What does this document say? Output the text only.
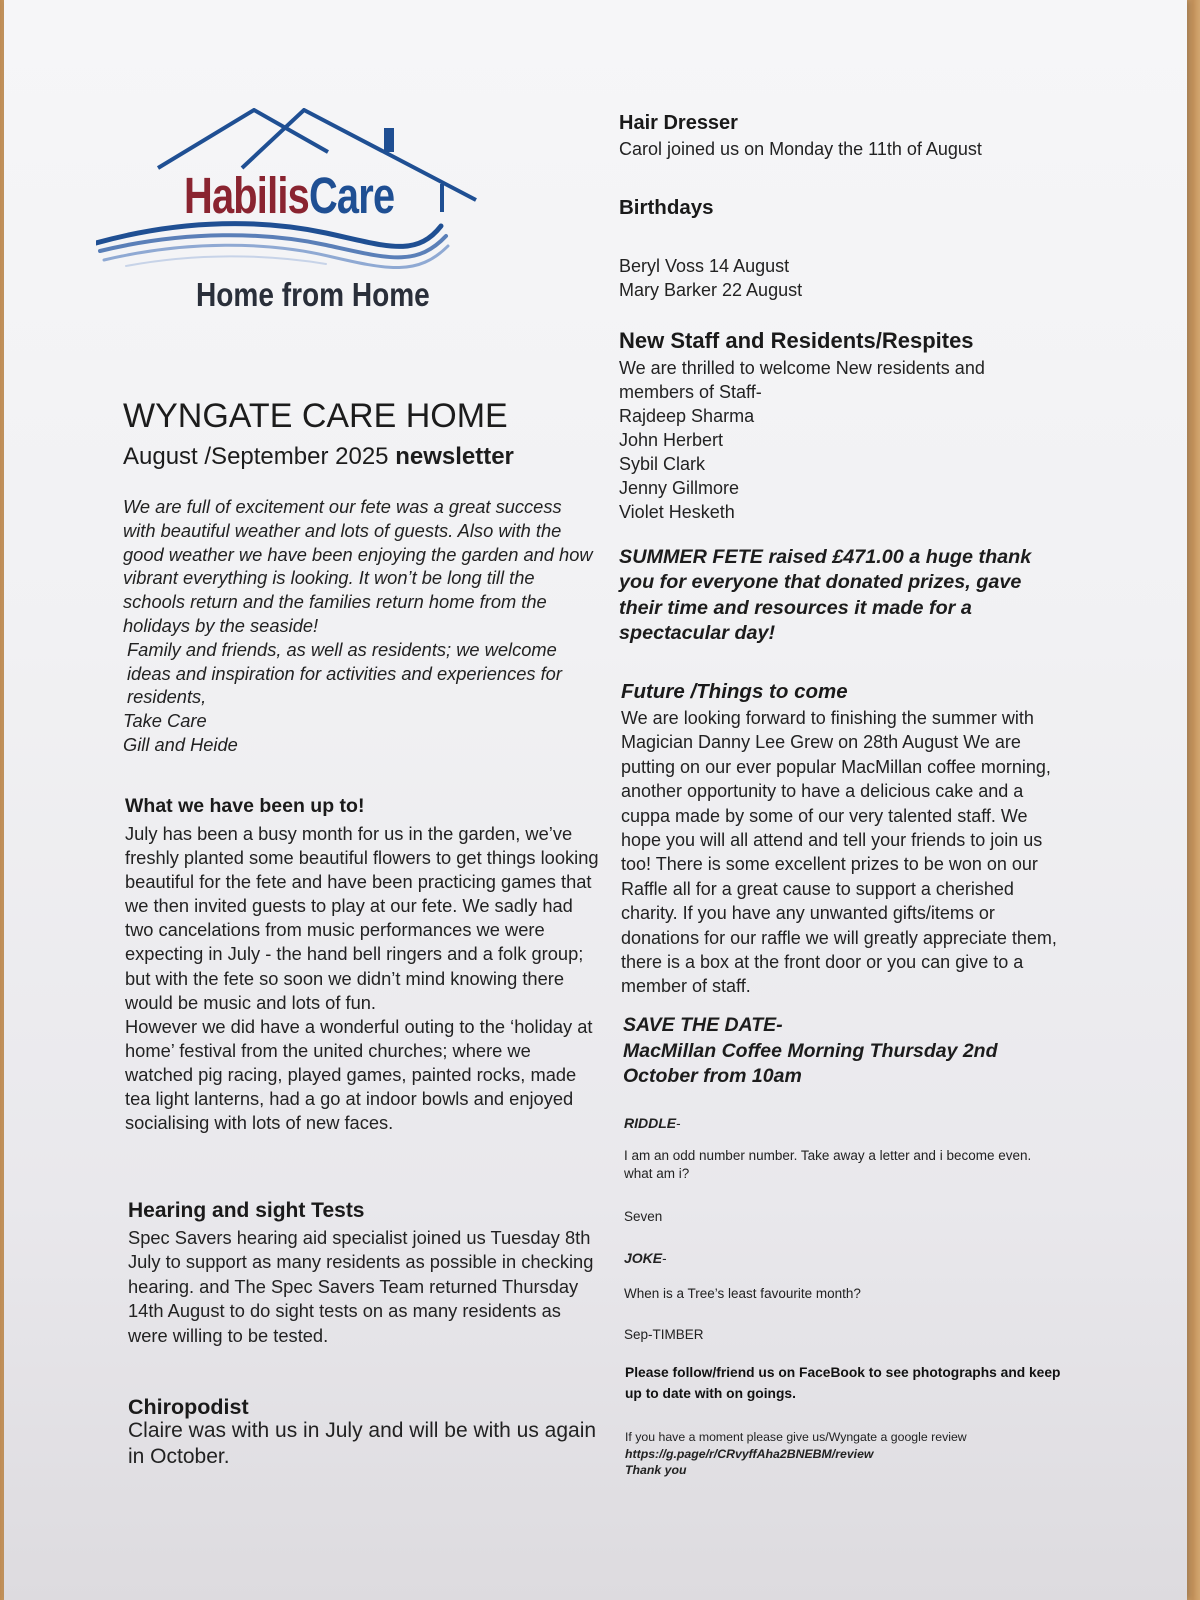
HabilisCare
Home from Home
WYNGATE CARE HOME
August /September 2025 newsletter

We are full of excitement our fete was a great success with beautiful weather and lots of guests. Also with the good weather we have been enjoying the garden and how vibrant everything is looking. It won’t be long till the schools return and the families return home from the holidays by the seaside!

Family and friends, as well as residents; we welcome ideas and inspiration for activities and experiences for residents,

Take Care

Gill and Heide

What we have been up to!

July has been a busy month for us in the garden, we’ve freshly planted some beautiful flowers to get things looking beautiful for the fete and have been practicing games that we then invited guests to play at our fete. We sadly had two cancelations from music performances we were expecting in July - the hand bell ringers and a folk group; but with the fete so soon we didn’t mind knowing there would be music and lots of fun.

However we did have a wonderful outing to the ‘holiday at home’ festival from the united churches; where we watched pig racing, played games, painted rocks, made tea light lanterns, had a go at indoor bowls and enjoyed socialising with lots of new faces.

Hearing and sight Tests
Spec Savers hearing aid specialist joined us Tuesday 8th July to support as many residents as possible in checking hearing. and The Spec Savers Team returned Thursday 14th August to do sight tests on as many residents as were willing to be tested.
Chiropodist
Claire was with us in July and will be with us again in October.
Hair Dresser
Carol joined us on Monday the 11th of August
Birthdays
Beryl Voss 14 August
Mary Barker 22 August
New Staff and Residents/Respites
We are thrilled to welcome New residents and members of Staff-
Rajdeep Sharma
John Herbert
Sybil Clark
Jenny Gillmore
Violet Hesketh
SUMMER FETE raised £471.00 a huge thank you for everyone that donated prizes, gave their time and resources it made for a spectacular day!
Future /Things to come
We are looking forward to finishing the summer with Magician Danny Lee Grew on 28th August We are putting on our ever popular MacMillan coffee morning, another opportunity to have a delicious cake and a cuppa made by some of our very talented staff. We hope you will all attend and tell your friends to join us too! There is some excellent prizes to be won on our Raffle all for a great cause to support a cherished charity. If you have any unwanted gifts/items or donations for our raffle we will greatly appreciate them, there is a box at the front door or you can give to a member of staff.
SAVE THE DATE-
MacMillan Coffee Morning Thursday 2nd October from 10am
RIDDLE-
I am an odd number number. Take away a letter and i become even. what am i?
Seven
JOKE-
When is a Tree’s least favourite month?
Sep-TIMBER
Please follow/friend us on FaceBook to see photographs and keep up to date with on goings.
If you have a moment please give us/Wyngate a google review
https://g.page/r/CRvyffAha2BNEBM/review
Thank you
